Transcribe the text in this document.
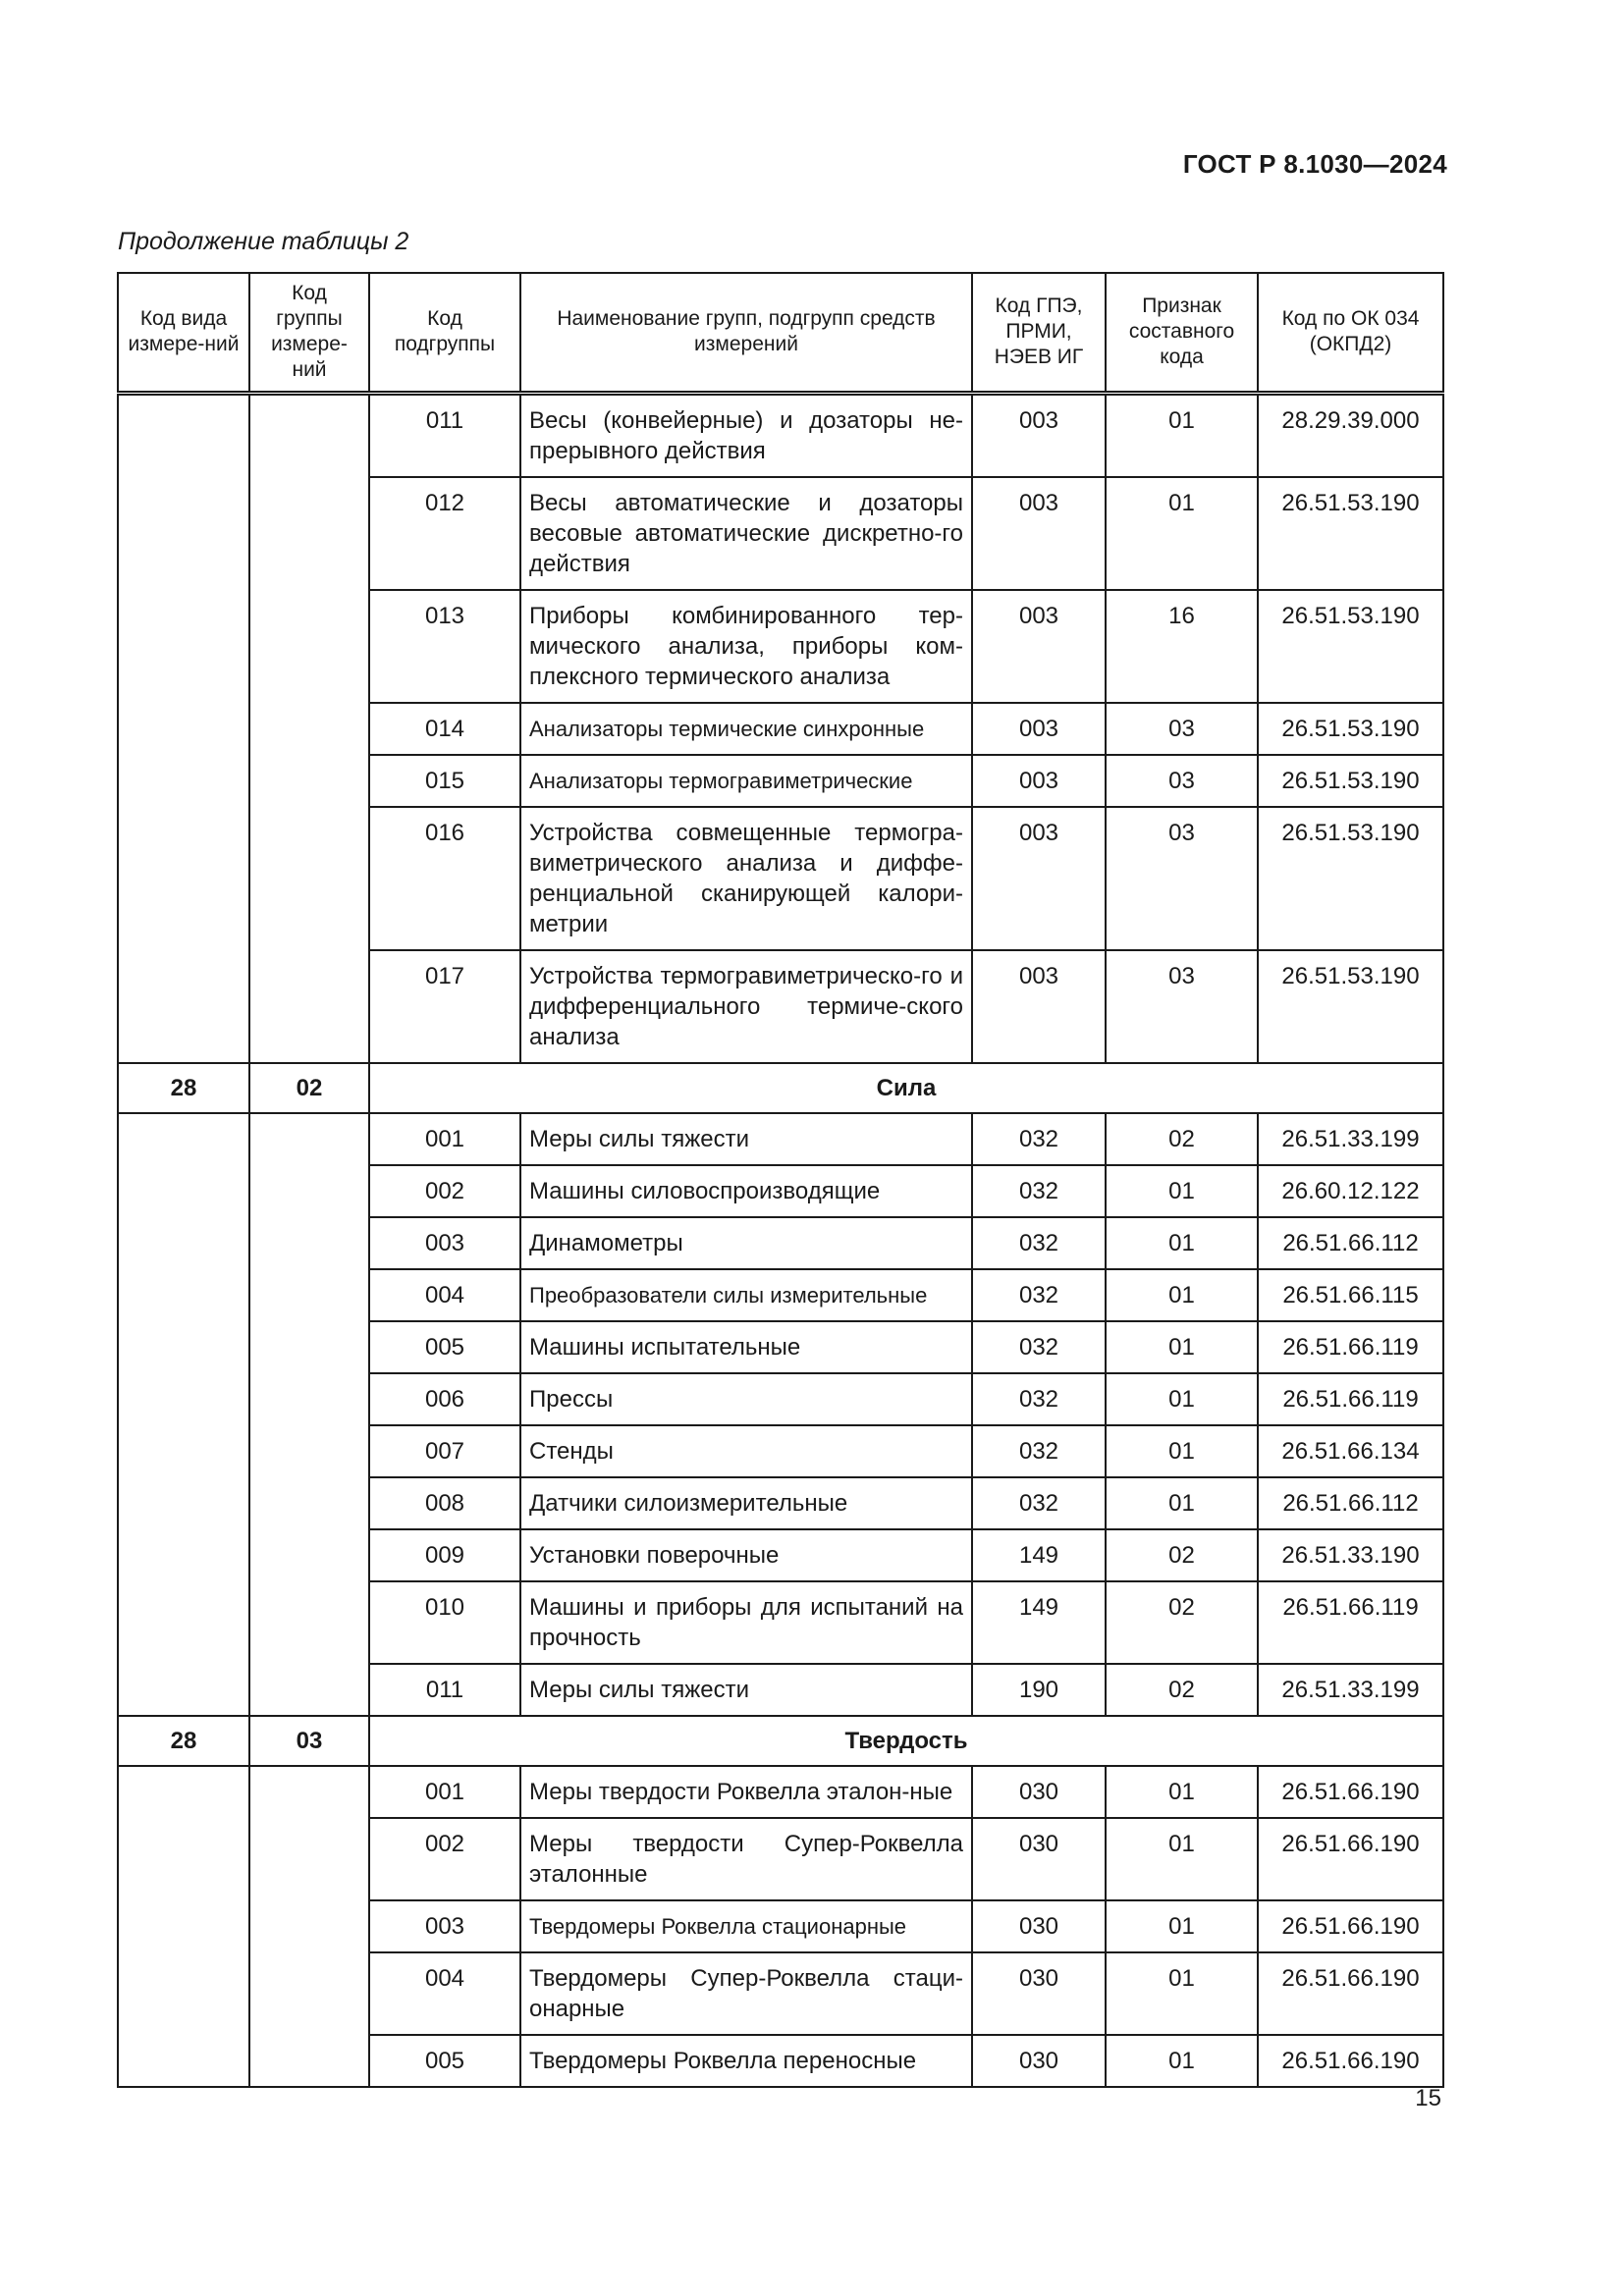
ГОСТ Р 8.1030—2024
Продолжение таблицы 2
Код вида измере-ний	Код группы измере-ний	Код подгруппы	Наименование групп, подгрупп средств измерений	Код ГПЭ, ПРМИ, НЭЕВ ИГ	Признак составного кода	Код по ОК 034 (ОКПД2)
		011	Весы (конвейерные) и дозаторы не-прерывного действия	003	01	28.29.39.000
		012	Весы автоматические и дозаторы весовые автоматические дискретно-го действия	003	01	26.51.53.190
		013	Приборы комбинированного тер-мического анализа, приборы ком-плексного термического анализа	003	16	26.51.53.190
		014	Анализаторы термические синхронные	003	03	26.51.53.190
		015	Анализаторы термогравиметрические	003	03	26.51.53.190
		016	Устройства совмещенные термогра-виметрического анализа и диффе-ренциальной сканирующей калори-метрии	003	03	26.51.53.190
		017	Устройства термогравиметрическо-го и дифференциального термиче-ского анализа	003	03	26.51.53.190
28	02	Сила				
		001	Меры силы тяжести	032	02	26.51.33.199
		002	Машины силовоспроизводящие	032	01	26.60.12.122
		003	Динамометры	032	01	26.51.66.112
		004	Преобразователи силы измерительные	032	01	26.51.66.115
		005	Машины испытательные	032	01	26.51.66.119
		006	Прессы	032	01	26.51.66.119
		007	Стенды	032	01	26.51.66.134
		008	Датчики силоизмерительные	032	01	26.51.66.112
		009	Установки поверочные	149	02	26.51.33.190
		010	Машины и приборы для испытаний на прочность	149	02	26.51.66.119
		011	Меры силы тяжести	190	02	26.51.33.199
28	03	Твердость				
		001	Меры твердости Роквелла эталон-ные	030	01	26.51.66.190
		002	Меры твердости Супер-Роквелла эталонные	030	01	26.51.66.190
		003	Твердомеры Роквелла стационарные	030	01	26.51.66.190
		004	Твердомеры Супер-Роквелла стаци-онарные	030	01	26.51.66.190
		005	Твердомеры Роквелла переносные	030	01	26.51.66.190
15
